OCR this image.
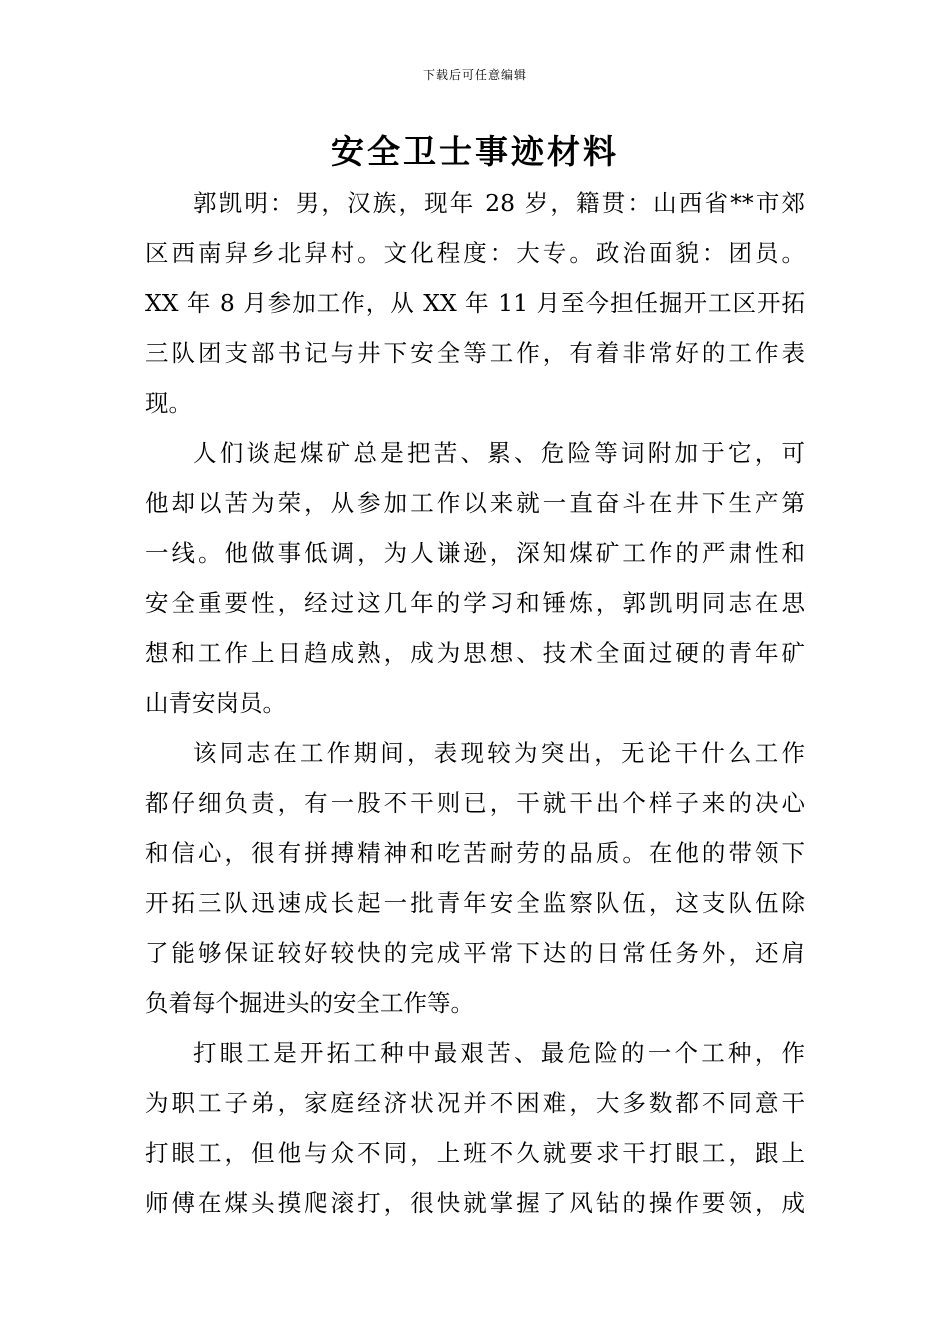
下载后可任意编辑
安全卫士事迹材料

郭凯明：男，汉族，现年 28 岁，籍贯：山西省**市郊
区西南舁乡北舁村。文化程度：大专。政治面貌：团员。
XX 年 8 月参加工作，从 XX 年 11 月至今担任掘开工区开拓
三队团支部书记与井下安全等工作，有着非常好的工作表
现。

人们谈起煤矿总是把苦、累、危险等词附加于它，可
他却以苦为荣，从参加工作以来就一直奋斗在井下生产第
一线。他做事低调，为人谦逊，深知煤矿工作的严肃性和
安全重要性，经过这几年的学习和锤炼，郭凯明同志在思
想和工作上日趋成熟，成为思想、技术全面过硬的青年矿
山青安岗员。

该同志在工作期间，表现较为突出，无论干什么工作
都仔细负责，有一股不干则已，干就干出个样子来的决心
和信心，很有拼搏精神和吃苦耐劳的品质。在他的带领下
开拓三队迅速成长起一批青年安全监察队伍，这支队伍除
了能够保证较好较快的完成平常下达的日常任务外，还肩
负着每个掘进头的安全工作等。

打眼工是开拓工种中最艰苦、最危险的一个工种，作
为职工子弟，家庭经济状况并不困难，大多数都不同意干
打眼工，但他与众不同，上班不久就要求干打眼工，跟上
师傅在煤头摸爬滚打，很快就掌握了风钻的操作要领，成
